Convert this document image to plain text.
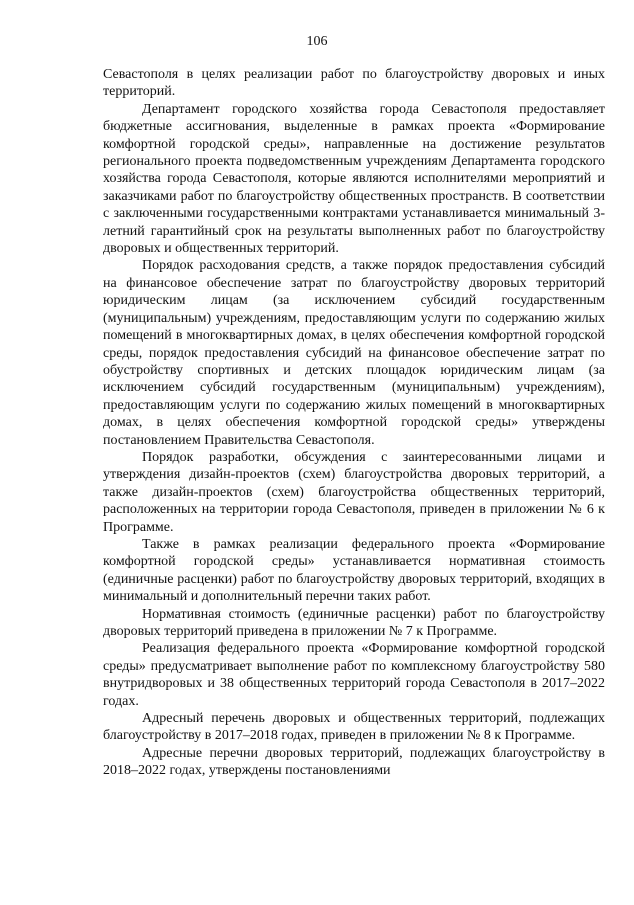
106

Севастополя в целях реализации работ по благоустройству дворовых и иных территорий.

Департамент городского хозяйства города Севастополя предоставляет бюджетные ассигнования, выделенные в рамках проекта «Формирование комфортной городской среды», направленные на достижение результатов регионального проекта подведомственным учреждениям Департамента городского хозяйства города Севастополя, которые являются исполнителями мероприятий и заказчиками работ по благоустройству общественных пространств. В соответствии с заключенными государственными контрактами устанавливается минимальный 3-летний гарантийный срок на результаты выполненных работ по благоустройству дворовых и общественных территорий.

Порядок расходования средств, а также порядок предоставления субсидий на финансовое обеспечение затрат по благоустройству дворовых территорий юридическим лицам (за исключением субсидий государственным (муниципальным) учреждениям, предоставляющим услуги по содержанию жилых помещений в многоквартирных домах, в целях обеспечения комфортной городской среды, порядок предоставления субсидий на финансовое обеспечение затрат по обустройству спортивных и детских площадок юридическим лицам (за исключением субсидий государственным (муниципальным) учреждениям), предоставляющим услуги по содержанию жилых помещений в многоквартирных домах, в целях обеспечения комфортной городской среды» утверждены постановлением Правительства Севастополя.

Порядок разработки, обсуждения с заинтересованными лицами и утверждения дизайн-проектов (схем) благоустройства дворовых территорий, а также дизайн-проектов (схем) благоустройства общественных территорий, расположенных на территории города Севастополя, приведен в приложении № 6 к Программе.

Также в рамках реализации федерального проекта «Формирование комфортной городской среды» устанавливается нормативная стоимость (единичные расценки) работ по благоустройству дворовых территорий, входящих в минимальный и дополнительный перечни таких работ.

Нормативная стоимость (единичные расценки) работ по благоустройству дворовых территорий приведена в приложении № 7 к Программе.

Реализация федерального проекта «Формирование комфортной городской среды» предусматривает выполнение работ по комплексному благоустройству 580 внутридворовых и 38 общественных территорий города Севастополя в 2017–2022 годах.

Адресный перечень дворовых и общественных территорий, подлежащих благоустройству в 2017–2018 годах, приведен в приложении № 8 к Программе.

Адресные перечни дворовых территорий, подлежащих благоустройству в 2018–2022 годах, утверждены постановлениями
